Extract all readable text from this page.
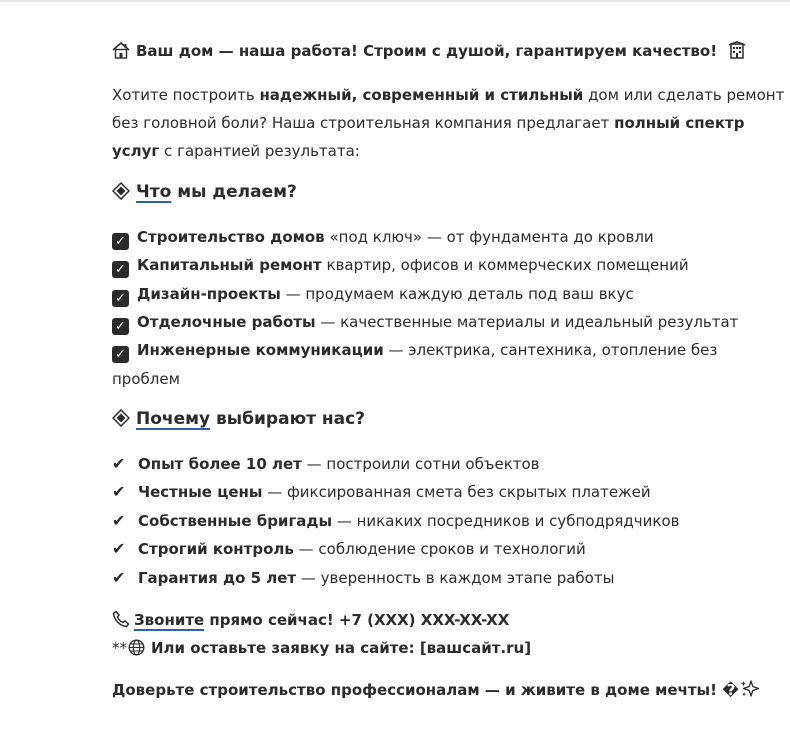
Ваш дом — наша работа! Строим с душой, гарантируем качество!
Хотите построить надежный, современный и стильный дом или сделать ремонт
без головной боли? Наша строительная компания предлагает полный спектр
услуг с гарантией результата:
Что мы делаем?
✓ Строительство домов «под ключ» — от фундамента до кровли
✓ Капитальный ремонт квартир, офисов и коммерческих помещений
✓ Дизайн-проекты — продумаем каждую деталь под ваш вкус
✓ Отделочные работы — качественные материалы и идеальный результат
✓ Инженерные коммуникации — электрика, сантехника, отопление без
проблем
Почему выбирают нас?
✔ Опыт более 10 лет — построили сотни объектов
✔ Честные цены — фиксированная смета без скрытых платежей
✔ Собственные бригады — никаких посредников и субподрядчиков
✔ Строгий контроль — соблюдение сроков и технологий
✔ Гарантия до 5 лет — уверенность в каждом этапе работы
Звоните прямо сейчас! +7 (XXX) XXX-XX-XX
** Или оставьте заявку на сайте: [вашсайт.ru]
Доверьте строительство профессионалам — и живите в доме мечты! �
